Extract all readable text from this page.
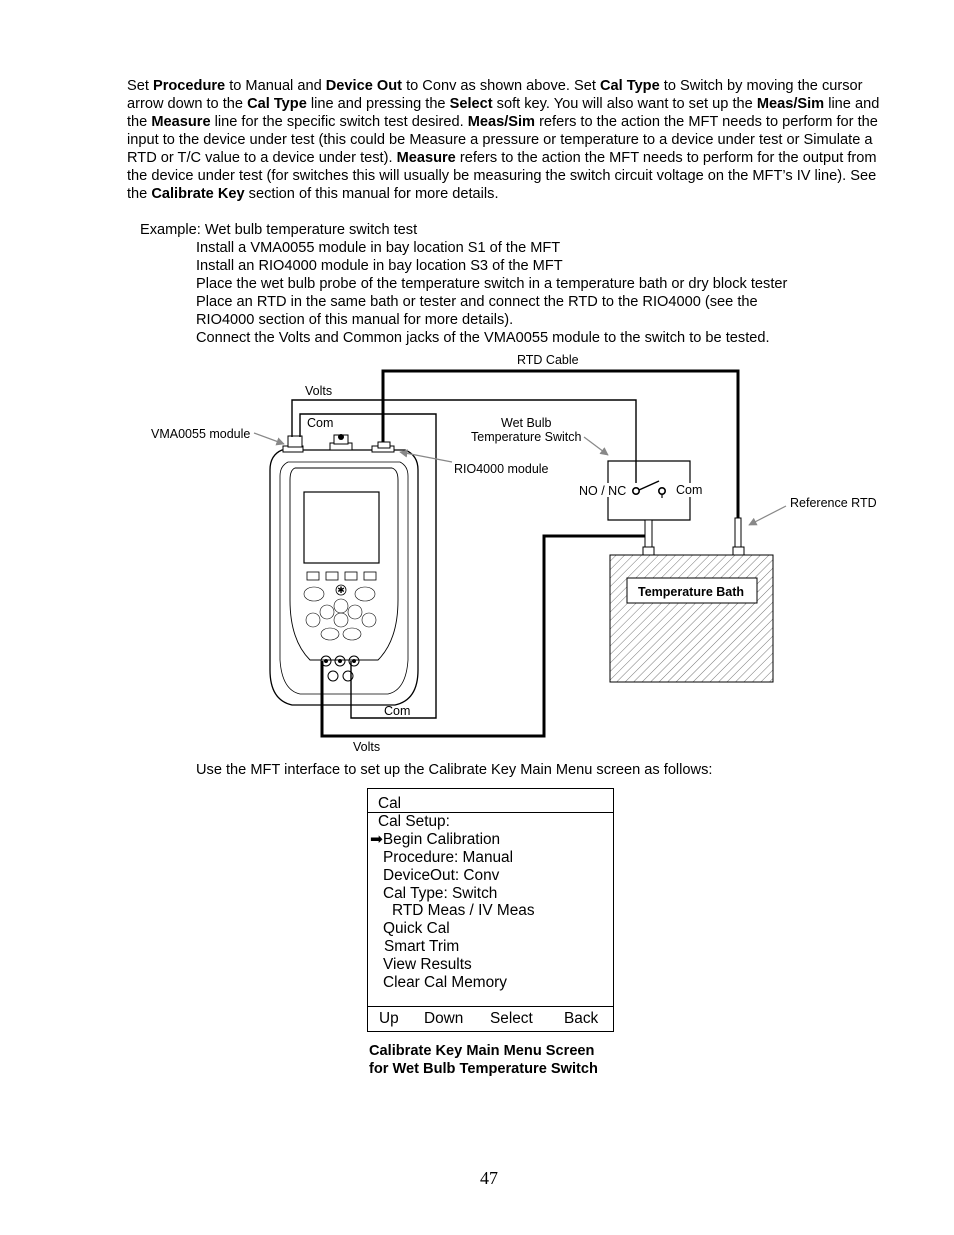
Set Procedure to Manual and Device Out to Conv as shown above. Set Cal Type to Switch by moving the cursor arrow down to the Cal Type line and pressing the Select soft key. You will also want to set up the Meas/Sim line and the Measure line for the specific switch test desired. Meas/Sim refers to the action the MFT needs to perform for the input to the device under test (this could be Measure a pressure or temperature to a device under test or Simulate a RTD or T/C value to a device under test). Measure refers to the action the MFT needs to perform for the output from the device under test (for switches this will usually be measuring the switch circuit voltage on the MFT’s IV line). See the Calibrate Key section of this manual for more details.
Example: Wet bulb temperature switch test
Install a VMA0055 module in bay location S1 of the MFT
Install an RIO4000 module in bay location S3 of the MFT
Place the wet bulb probe of the temperature switch in a temperature bath or dry block tester
Place an RTD in the same bath or tester and connect the RTD to the RIO4000 (see the
RIO4000 section of this manual for more details).
Connect the Volts and Common jacks of the VMA0055 module to the switch to be tested.
✱
RTD Cable
Volts
Com
VMA0055 module
Wet Bulb
Temperature Switch
RIO4000 module
NO / NC	Com
Reference RTD
Temperature Bath
Com
Volts
Use the MFT interface to set up the Calibrate Key Main Menu screen as follows:
Cal
Cal Setup:
➡Begin Calibration
Procedure: Manual
DeviceOut: Conv
Cal Type: Switch
RTD Meas / IV Meas
Quick Cal
Smart Trim
View Results
Clear Cal Memory
Up Down Select Back
Calibrate Key Main Menu Screen
for Wet Bulb Temperature Switch
47
